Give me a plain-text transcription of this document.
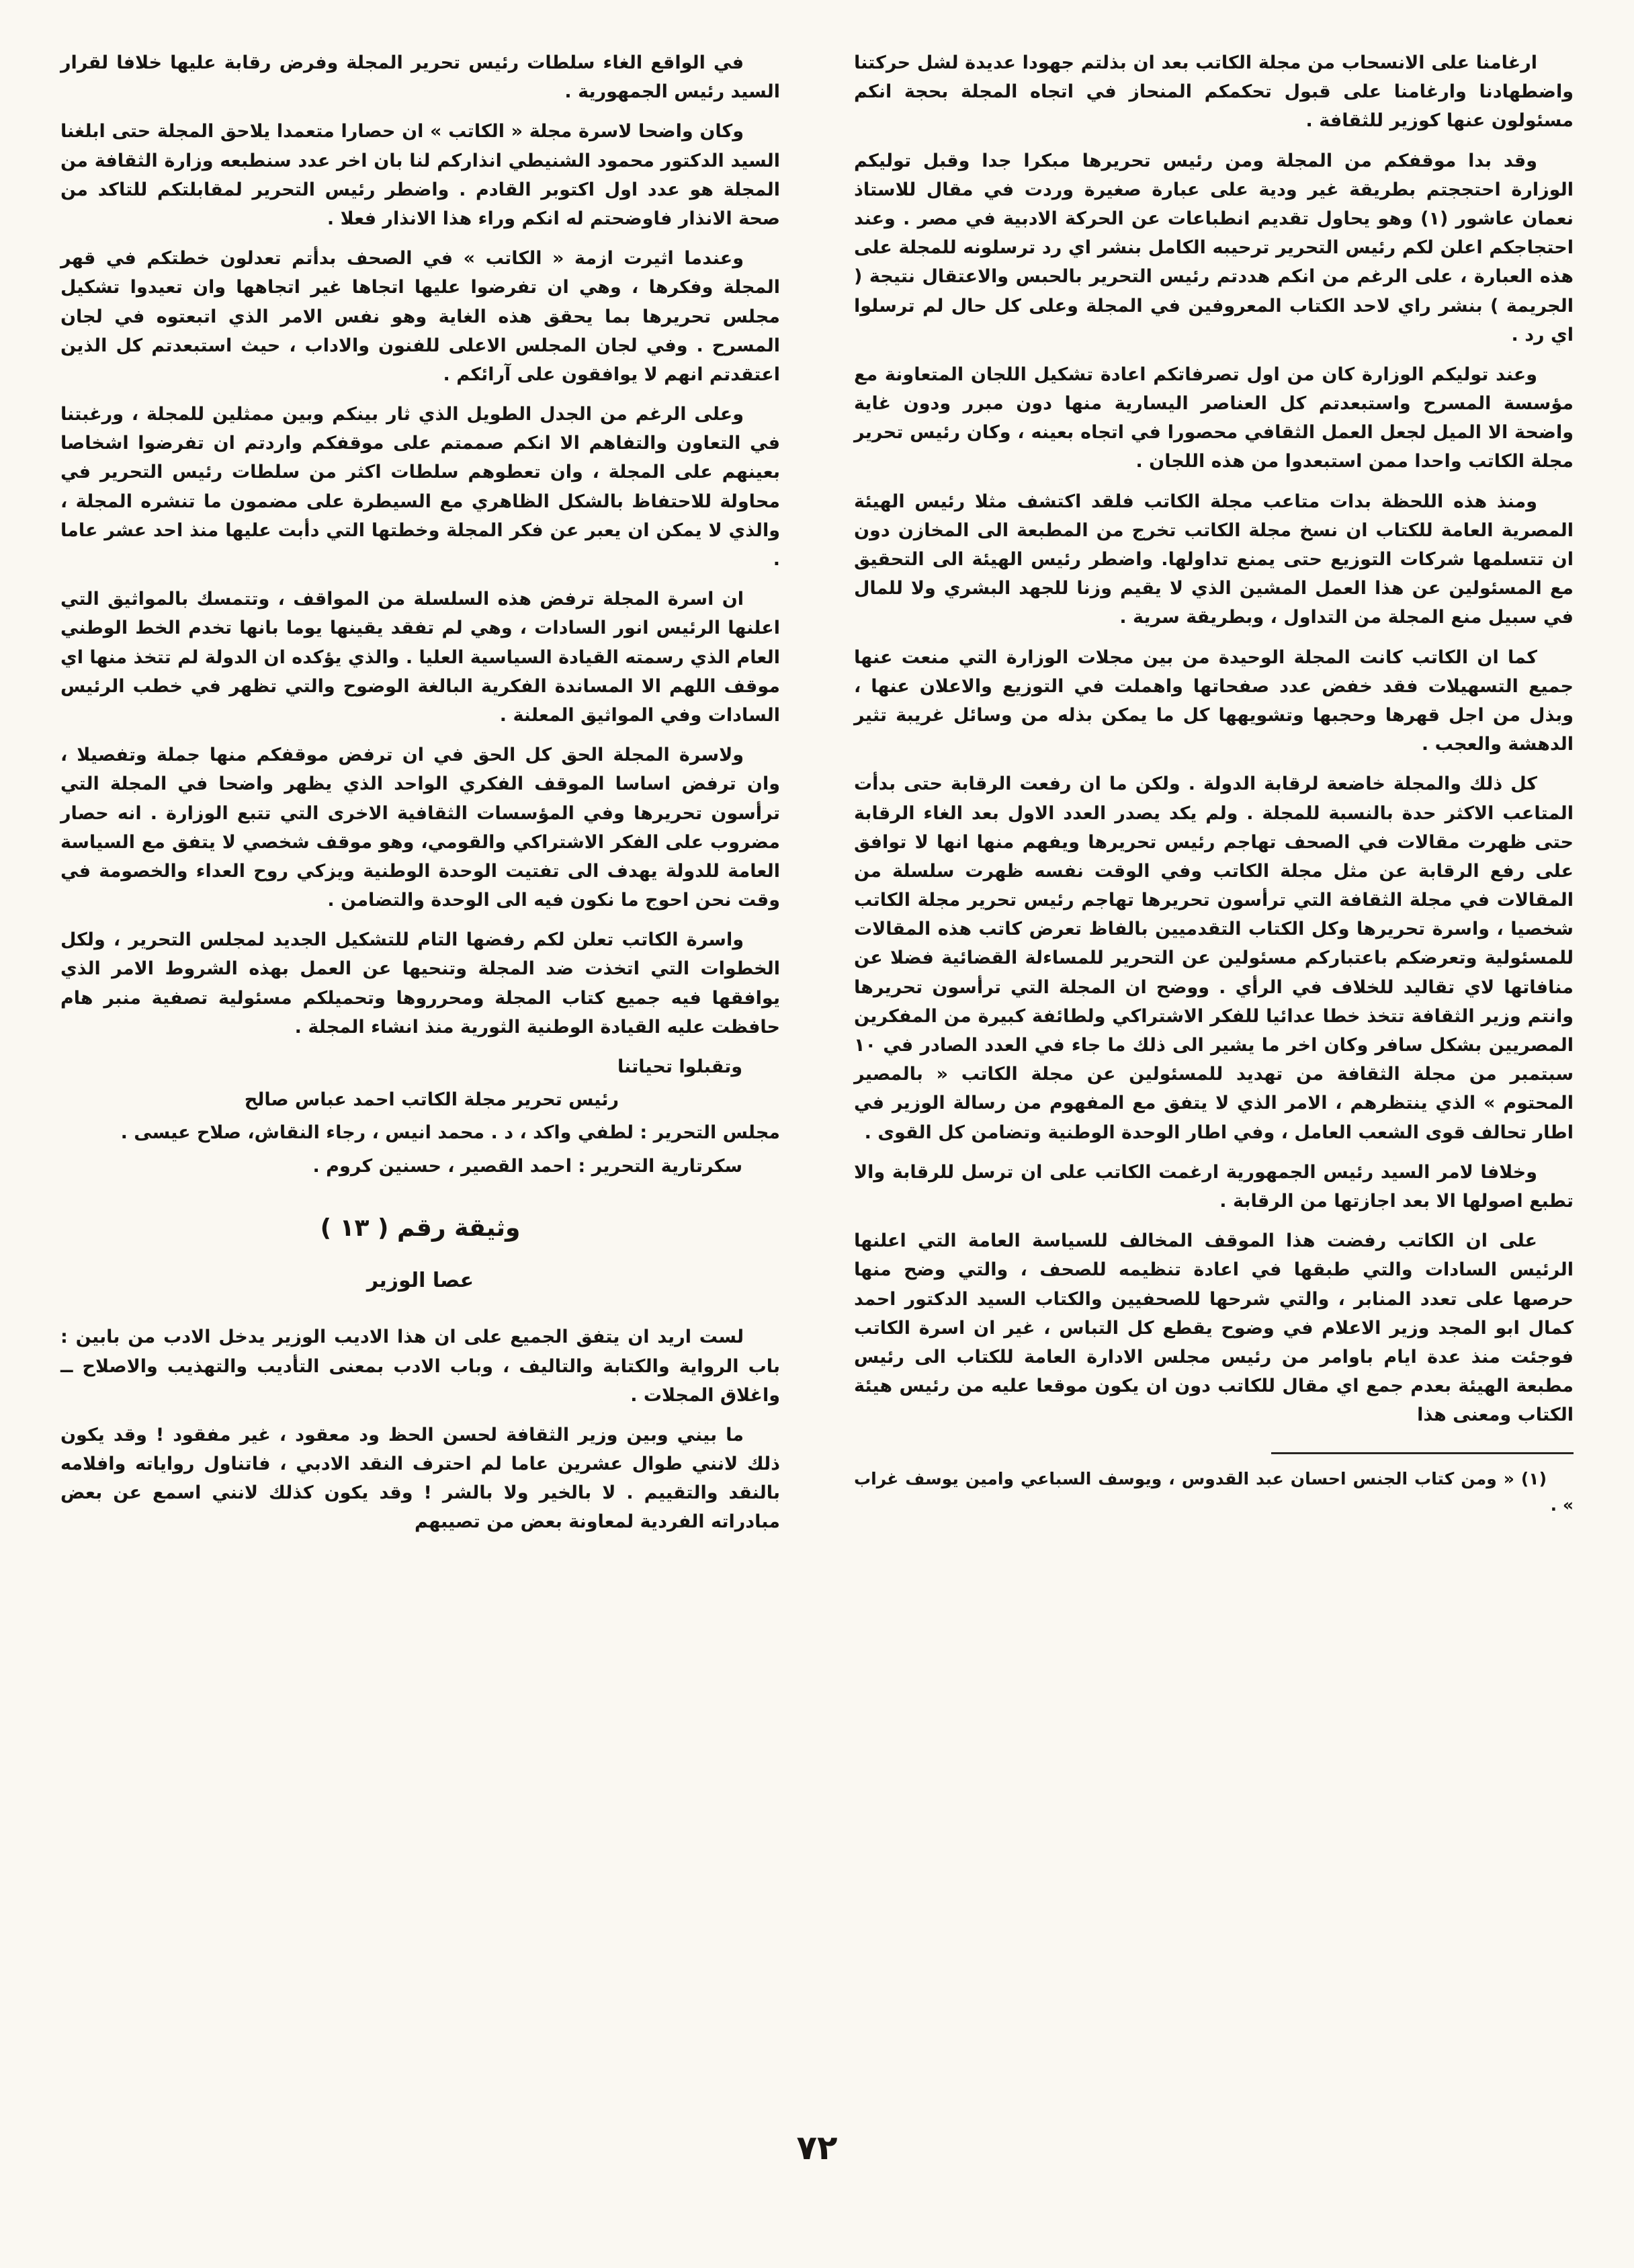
ارغامنا على الانسحاب من مجلة الكاتب بعد ان بذلتم جهودا عديدة لشل حركتنا واضطهادنا وارغامنا على قبول تحكمكم المنحاز في اتجاه المجلة بحجة انكم مسئولون عنها كوزير للثقافة .

وقد بدا موقفكم من المجلة ومن رئيس تحريرها مبكرا جدا وقبل توليكم الوزارة احتججتم بطريقة غير ودية على عبارة صغيرة وردت في مقال للاستاذ نعمان عاشور (١) وهو يحاول تقديم انطباعات عن الحركة الادبية في مصر . وعند احتجاجكم اعلن لكم رئيس التحرير ترحيبه الكامل بنشر اي رد ترسلونه للمجلة على هذه العبارة ، على الرغم من انكم هددتم رئيس التحرير بالحبس والاعتقال نتيجة ( الجريمة ) بنشر راي لاحد الكتاب المعروفين في المجلة وعلى كل حال لم ترسلوا اي رد .

وعند توليكم الوزارة كان من اول تصرفاتكم اعادة تشكيل اللجان المتعاونة مع مؤسسة المسرح واستبعدتم كل العناصر اليسارية منها دون مبرر ودون غاية واضحة الا الميل لجعل العمل الثقافي محصورا في اتجاه بعينه ، وكان رئيس تحرير مجلة الكاتب واحدا ممن استبعدوا من هذه اللجان .

ومنذ هذه اللحظة بدات متاعب مجلة الكاتب فلقد اكتشف مثلا رئيس الهيئة المصرية العامة للكتاب ان نسخ مجلة الكاتب تخرج من المطبعة الى المخازن دون ان تتسلمها شركات التوزيع حتى يمنع تداولها. واضطر رئيس الهيئة الى التحقيق مع المسئولين عن هذا العمل المشين الذي لا يقيم وزنا للجهد البشري ولا للمال في سبيل منع المجلة من التداول ، وبطريقة سرية .

كما ان الكاتب كانت المجلة الوحيدة من بين مجلات الوزارة التي منعت عنها جميع التسهيلات فقد خفض عدد صفحاتها واهملت في التوزيع والاعلان عنها ، وبذل من اجل قهرها وحجبها وتشويهها كل ما يمكن بذله من وسائل غريبة تثير الدهشة والعجب .

كل ذلك والمجلة خاضعة لرقابة الدولة . ولكن ما ان رفعت الرقابة حتى بدأت المتاعب الاكثر حدة بالنسبة للمجلة . ولم يكد يصدر العدد الاول بعد الغاء الرقابة حتى ظهرت مقالات في الصحف تهاجم رئيس تحريرها ويفهم منها انها لا توافق على رفع الرقابة عن مثل مجلة الكاتب وفي الوقت نفسه ظهرت سلسلة من المقالات في مجلة الثقافة التي ترأسون تحريرها تهاجم رئيس تحرير مجلة الكاتب شخصيا ، واسرة تحريرها وكل الكتاب التقدميين بالفاظ تعرض كاتب هذه المقالات للمسئولية وتعرضكم باعتباركم مسئولين عن التحرير للمساءلة القضائية فضلا عن منافاتها لاي تقاليد للخلاف في الرأي . ووضح ان المجلة التي ترأسون تحريرها وانتم وزير الثقافة تتخذ خطا عدائيا للفكر الاشتراكي ولطائفة كبيرة من المفكرين المصريين بشكل سافر وكان اخر ما يشير الى ذلك ما جاء في العدد الصادر في ١٠ سبتمبر من مجلة الثقافة من تهديد للمسئولين عن مجلة الكاتب « بالمصير المحتوم » الذي ينتظرهم ، الامر الذي لا يتفق مع المفهوم من رسالة الوزير في اطار تحالف قوى الشعب العامل ، وفي اطار الوحدة الوطنية وتضامن كل القوى .

وخلافا لامر السيد رئيس الجمهورية ارغمت الكاتب على ان ترسل للرقابة والا تطبع اصولها الا بعد اجازتها من الرقابة .

على ان الكاتب رفضت هذا الموقف المخالف للسياسة العامة التي اعلنها الرئيس السادات والتي طبقها في اعادة تنظيمه للصحف ، والتي وضح منها حرصها على تعدد المنابر ، والتي شرحها للصحفيين والكتاب السيد الدكتور احمد كمال ابو المجد وزير الاعلام في وضوح يقطع كل التباس ، غير ان اسرة الكاتب فوجئت منذ عدة ايام باوامر من رئيس مجلس الادارة العامة للكتاب الى رئيس مطبعة الهيئة بعدم جمع اي مقال للكاتب دون ان يكون موقعا عليه من رئيس هيئة الكتاب ومعنى هذا

(١) « ومن كتاب الجنس احسان عبد القدوس ، ويوسف السباعي وامين يوسف غراب » .

في الواقع الغاء سلطات رئيس تحرير المجلة وفرض رقابة عليها خلافا لقرار السيد رئيس الجمهورية .

وكان واضحا لاسرة مجلة « الكاتب » ان حصارا متعمدا يلاحق المجلة حتى ابلغنا السيد الدكتور محمود الشنيطي انذاركم لنا بان اخر عدد سنطبعه وزارة الثقافة من المجلة هو عدد اول اكتوبر القادم . واضطر رئيس التحرير لمقابلتكم للتاكد من صحة الانذار فاوضحتم له انكم وراء هذا الانذار فعلا .

وعندما اثيرت ازمة « الكاتب » في الصحف بدأتم تعدلون خطتكم في قهر المجلة وفكرها ، وهي ان تفرضوا عليها اتجاها غير اتجاهها وان تعيدوا تشكيل مجلس تحريرها بما يحقق هذه الغاية وهو نفس الامر الذي اتبعتوه في لجان المسرح . وفي لجان المجلس الاعلى للفنون والاداب ، حيث استبعدتم كل الذين اعتقدتم انهم لا يوافقون على آرائكم .

وعلى الرغم من الجدل الطويل الذي ثار بينكم وبين ممثلين للمجلة ، ورغبتنا في التعاون والتفاهم الا انكم صممتم على موقفكم واردتم ان تفرضوا اشخاصا بعينهم على المجلة ، وان تعطوهم سلطات اكثر من سلطات رئيس التحرير في محاولة للاحتفاظ بالشكل الظاهري مع السيطرة على مضمون ما تنشره المجلة ، والذي لا يمكن ان يعبر عن فكر المجلة وخطتها التي دأبت عليها منذ احد عشر عاما .

ان اسرة المجلة ترفض هذه السلسلة من المواقف ، وتتمسك بالمواثيق التي اعلنها الرئيس انور السادات ، وهي لم تفقد يقينها يوما بانها تخدم الخط الوطني العام الذي رسمته القيادة السياسية العليا . والذي يؤكده ان الدولة لم تتخذ منها اي موقف اللهم الا المساندة الفكرية البالغة الوضوح والتي تظهر في خطب الرئيس السادات وفي المواثيق المعلنة .

ولاسرة المجلة الحق كل الحق في ان ترفض موقفكم منها جملة وتفصيلا ، وان ترفض اساسا الموقف الفكري الواحد الذي يظهر واضحا في المجلة التي ترأسون تحريرها وفي المؤسسات الثقافية الاخرى التي تتبع الوزارة . انه حصار مضروب على الفكر الاشتراكي والقومي، وهو موقف شخصي لا يتفق مع السياسة العامة للدولة يهدف الى تفتيت الوحدة الوطنية ويزكي روح العداء والخصومة في وقت نحن احوج ما نكون فيه الى الوحدة والتضامن .

واسرة الكاتب تعلن لكم رفضها التام للتشكيل الجديد لمجلس التحرير ، ولكل الخطوات التي اتخذت ضد المجلة وتنحيها عن العمل بهذه الشروط الامر الذي يوافقها فيه جميع كتاب المجلة ومحرروها وتحميلكم مسئولية تصفية منبر هام حافظت عليه القيادة الوطنية الثورية منذ انشاء المجلة .

وتقبلوا تحياتنا

رئيس تحرير مجلة الكاتب احمد عباس صالح

مجلس التحرير : لطفي واكد ، د . محمد انيس ، رجاء النقاش، صلاح عيسى .

سكرتارية التحرير : احمد القصير ، حسنين كروم .

وثيقة رقم ( ١٣ )

عصا الوزير

لست اريد ان يتفق الجميع على ان هذا الاديب الوزير يدخل الادب من بابين : باب الرواية والكتابة والتاليف ، وباب الادب بمعنى التأديب والتهذيب والاصلاح ــ واغلاق المجلات .

ما بيني وبين وزير الثقافة لحسن الحظ ود معقود ، غير مفقود ! وقد يكون ذلك لانني طوال عشرين عاما لم احترف النقد الادبي ، فاتناول رواياته وافلامه بالنقد والتقييم . لا بالخير ولا بالشر ! وقد يكون كذلك لانني اسمع عن بعض مبادراته الفردية لمعاونة بعض من تصيبهم

٧٢
